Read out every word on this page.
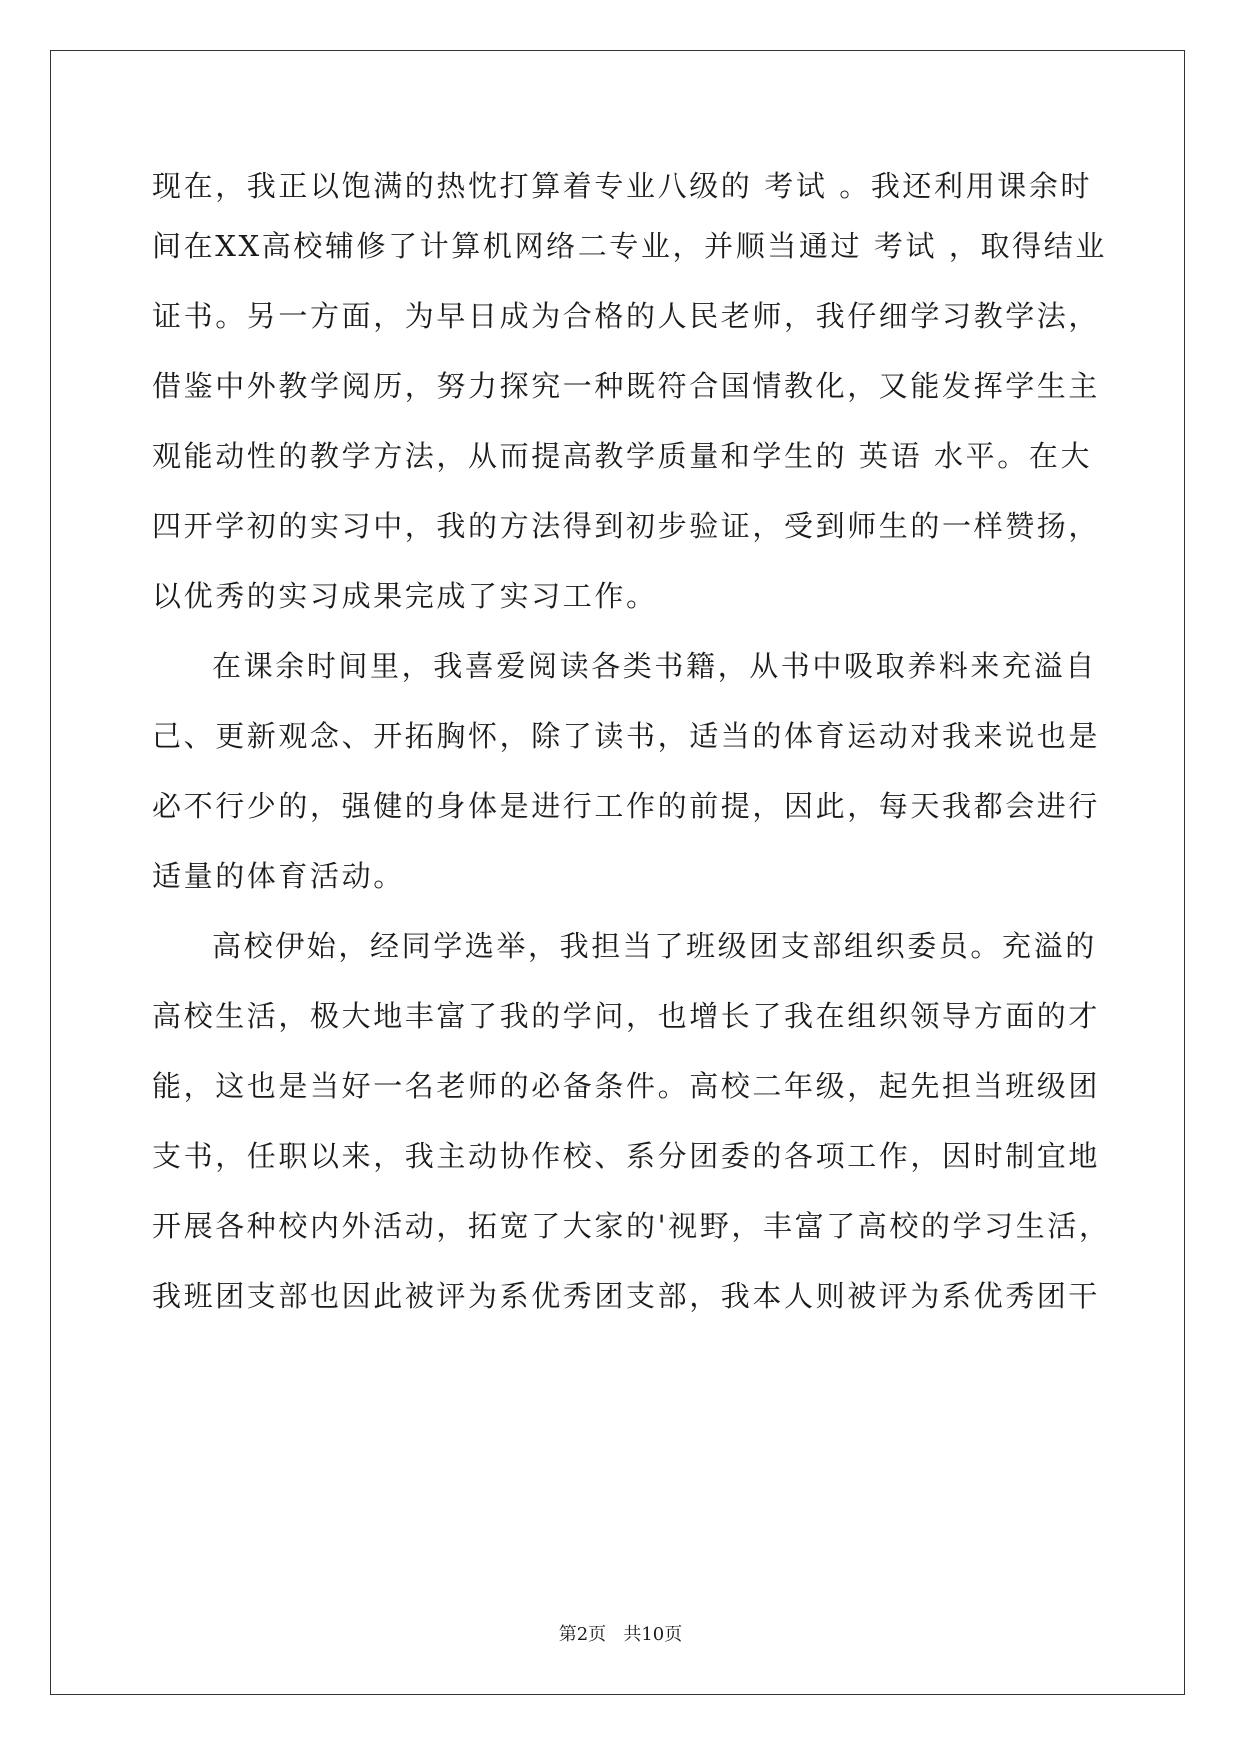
现在，我正以饱满的热忱打算着专业八级的 考试 。我还利用课余时
间在XX高校辅修了计算机网络二专业，并顺当通过 考试 ，取得结业
证书。另一方面，为早日成为合格的人民老师，我仔细学习教学法，
借鉴中外教学阅历，努力探究一种既符合国情教化，又能发挥学生主
观能动性的教学方法，从而提高教学质量和学生的 英语 水平。在大
四开学初的实习中，我的方法得到初步验证，受到师生的一样赞扬，
以优秀的实习成果完成了实习工作。
在课余时间里，我喜爱阅读各类书籍，从书中吸取养料来充溢自
己、更新观念、开拓胸怀，除了读书，适当的体育运动对我来说也是
必不行少的，强健的身体是进行工作的前提，因此，每天我都会进行
适量的体育活动。
高校伊始，经同学选举，我担当了班级团支部组织委员。充溢的
高校生活，极大地丰富了我的学问，也增长了我在组织领导方面的才
能，这也是当好一名老师的必备条件。高校二年级，起先担当班级团
支书，任职以来，我主动协作校、系分团委的各项工作，因时制宜地
开展各种校内外活动，拓宽了大家的'视野，丰富了高校的学习生活，
我班团支部也因此被评为系优秀团支部，我本人则被评为系优秀团干
第2页   共10页
